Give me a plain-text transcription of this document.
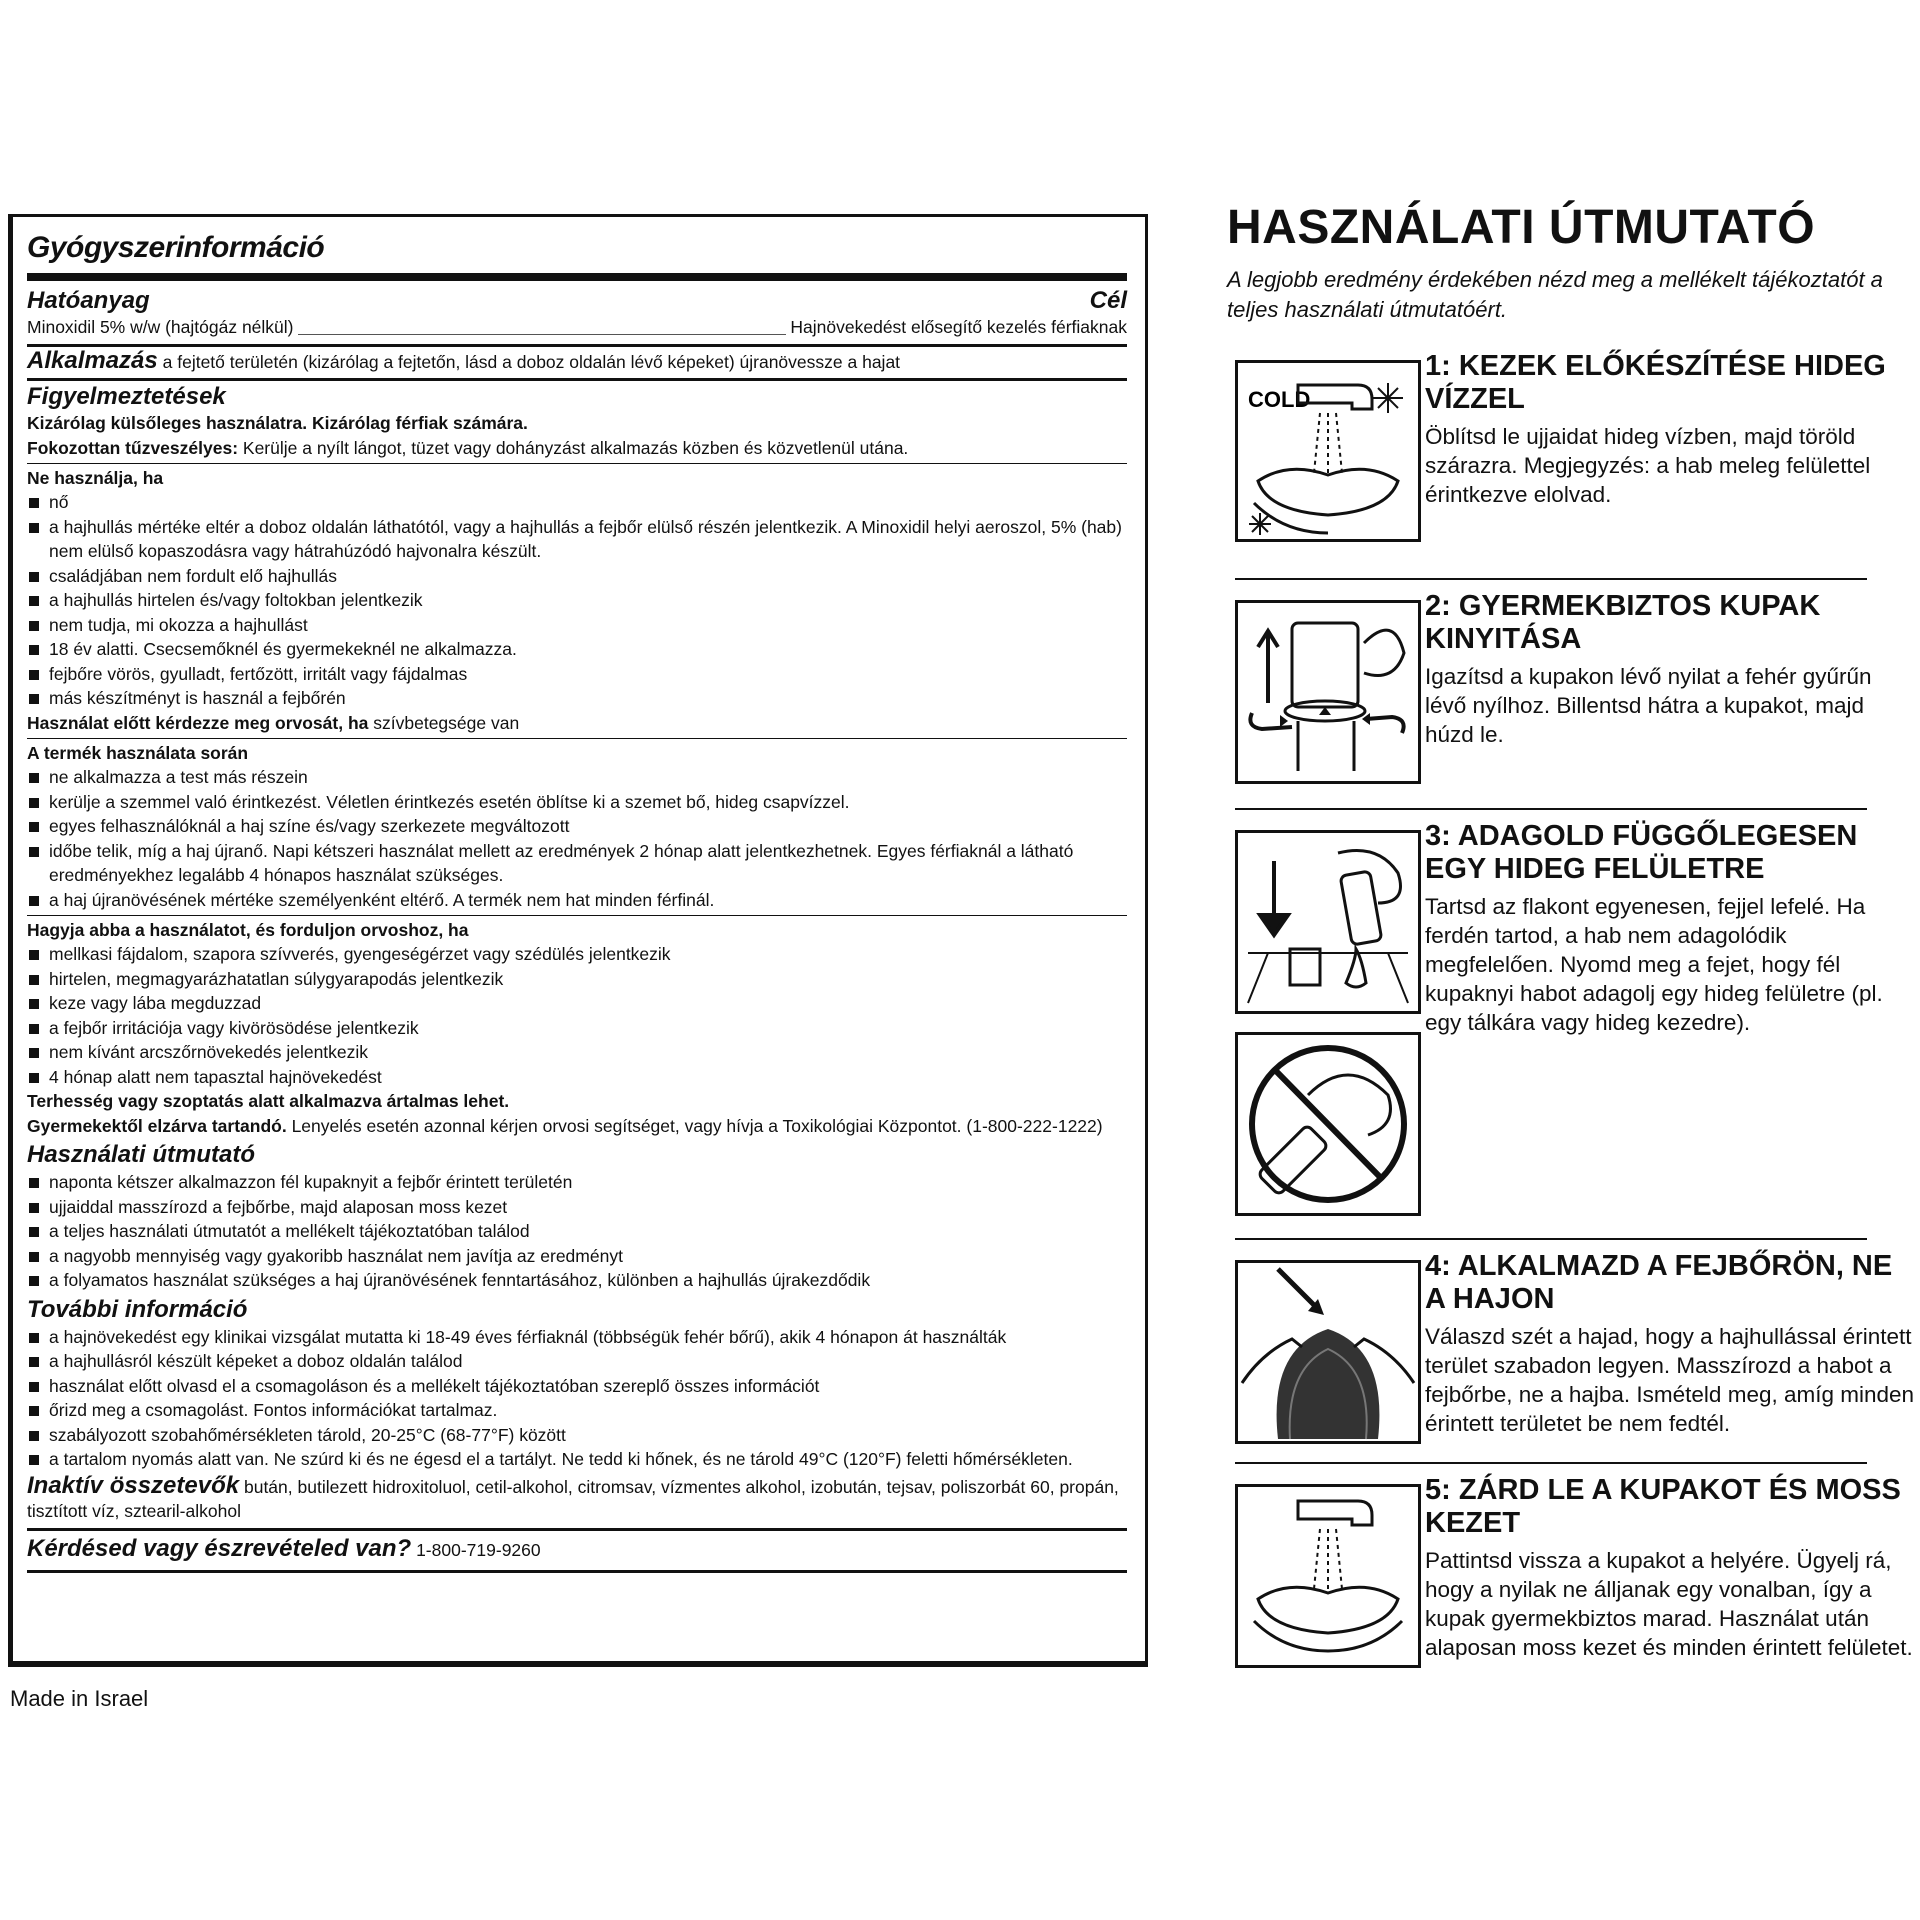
Gyógyszerinformáció
Hatóanyag	Cél
Minoxidil 5% w/w (hajtógáz nélkül)	Hajnövekedést elősegítő kezelés férfiaknak
Alkalmazás a fejtető területén (kizárólag a fejtetőn, lásd a doboz oldalán lévő képeket) újranövessze a hajat
Figyelmeztetések
Kizárólag külsőleges használatra. Kizárólag férfiak számára.
Fokozottan tűzveszélyes: Kerülje a nyílt lángot, tüzet vagy dohányzást alkalmazás közben és közvetlenül utána.
Ne használja, ha
nő
a hajhullás mértéke eltér a doboz oldalán láthatótól, vagy a hajhullás a fejbőr elülső részén jelentkezik. A Minoxidil helyi aeroszol, 5% (hab) nem elülső kopaszodásra vagy hátrahúzódó hajvonalra készült.
családjában nem fordult elő hajhullás
a hajhullás hirtelen és/vagy foltokban jelentkezik
nem tudja, mi okozza a hajhullást
18 év alatti. Csecsemőknél és gyermekeknél ne alkalmazza.
fejbőre vörös, gyulladt, fertőzött, irritált vagy fájdalmas
más készítményt is használ a fejbőrén
Használat előtt kérdezze meg orvosát, ha szívbetegsége van
A termék használata során
ne alkalmazza a test más részein
kerülje a szemmel való érintkezést. Véletlen érintkezés esetén öblítse ki a szemet bő, hideg csapvízzel.
egyes felhasználóknál a haj színe és/vagy szerkezete megváltozott
időbe telik, míg a haj újranő. Napi kétszeri használat mellett az eredmények 2 hónap alatt jelentkezhetnek. Egyes férfiaknál a látható eredményekhez legalább 4 hónapos használat szükséges.
a haj újranövésének mértéke személyenként eltérő. A termék nem hat minden férfinál.
Hagyja abba a használatot, és forduljon orvoshoz, ha
mellkasi fájdalom, szapora szívverés, gyengeségérzet vagy szédülés jelentkezik
hirtelen, megmagyarázhatatlan súlygyarapodás jelentkezik
keze vagy lába megduzzad
a fejbőr irritációja vagy kivörösödése jelentkezik
nem kívánt arcszőrnövekedés jelentkezik
4 hónap alatt nem tapasztal hajnövekedést
Terhesség vagy szoptatás alatt alkalmazva ártalmas lehet.
Gyermekektől elzárva tartandó. Lenyelés esetén azonnal kérjen orvosi segítséget, vagy hívja a Toxikológiai Központot. (1-800-222-1222)
Használati útmutató
naponta kétszer alkalmazzon fél kupaknyit a fejbőr érintett területén
ujjaiddal masszírozd a fejbőrbe, majd alaposan moss kezet
a teljes használati útmutatót a mellékelt tájékoztatóban találod
a nagyobb mennyiség vagy gyakoribb használat nem javítja az eredményt
a folyamatos használat szükséges a haj újranövésének fenntartásához, különben a hajhullás újrakezdődik
További információ
a hajnövekedést egy klinikai vizsgálat mutatta ki 18-49 éves férfiaknál (többségük fehér bőrű), akik 4 hónapon át használták
a hajhullásról készült képeket a doboz oldalán találod
használat előtt olvasd el a csomagoláson és a mellékelt tájékoztatóban szereplő összes információt
őrizd meg a csomagolást. Fontos információkat tartalmaz.
szabályozott szobahőmérsékleten tárold, 20-25°C (68-77°F) között
a tartalom nyomás alatt van. Ne szúrd ki és ne égesd el a tartályt. Ne tedd ki hőnek, és ne tárold 49°C (120°F) feletti hőmérsékleten.
Inaktív összetevők bután, butilezett hidroxitoluol, cetil-alkohol, citromsav, vízmentes alkohol, izobután, tejsav, poliszorbát 60, propán, tisztított víz, sztearil-alkohol
Kérdésed vagy észrevételed van? 1-800-719-9260
Made in Israel
HASZNÁLATI ÚTMUTATÓ
A legjobb eredmény érdekében nézd meg a mellékelt tájékoztatót a teljes használati útmutatóért.
COLD
1: KEZEK ELŐKÉSZÍTÉSE HIDEG VÍZZEL
Öblítsd le ujjaidat hideg vízben, majd töröld szárazra. Megjegyzés: a hab meleg felülettel érintkezve elolvad.
2: GYERMEKBIZTOS KUPAK KINYITÁSA
Igazítsd a kupakon lévő nyilat a fehér gyűrűn lévő nyílhoz. Billentsd hátra a kupakot, majd húzd le.
3: ADAGOLD FÜGGŐLEGESEN EGY HIDEG FELÜLETRE
Tartsd az flakont egyenesen, fejjel lefelé. Ha ferdén tartod, a hab nem adagolódik megfelelően. Nyomd meg a fejet, hogy fél kupaknyi habot adagolj egy hideg felületre (pl. egy tálkára vagy hideg kezedre).
4: ALKALMAZD A FEJBŐRÖN, NE A HAJON
Válaszd szét a hajad, hogy a hajhullással érintett terület szabadon legyen. Masszírozd a habot a fejbőrbe, ne a hajba. Ismételd meg, amíg minden érintett területet be nem fedtél.
5: ZÁRD LE A KUPAKOT ÉS MOSS KEZET
Pattintsd vissza a kupakot a helyére. Ügyelj rá, hogy a nyilak ne álljanak egy vonalban, így a kupak gyermekbiztos marad. Használat után alaposan moss kezet és minden érintett felületet.
